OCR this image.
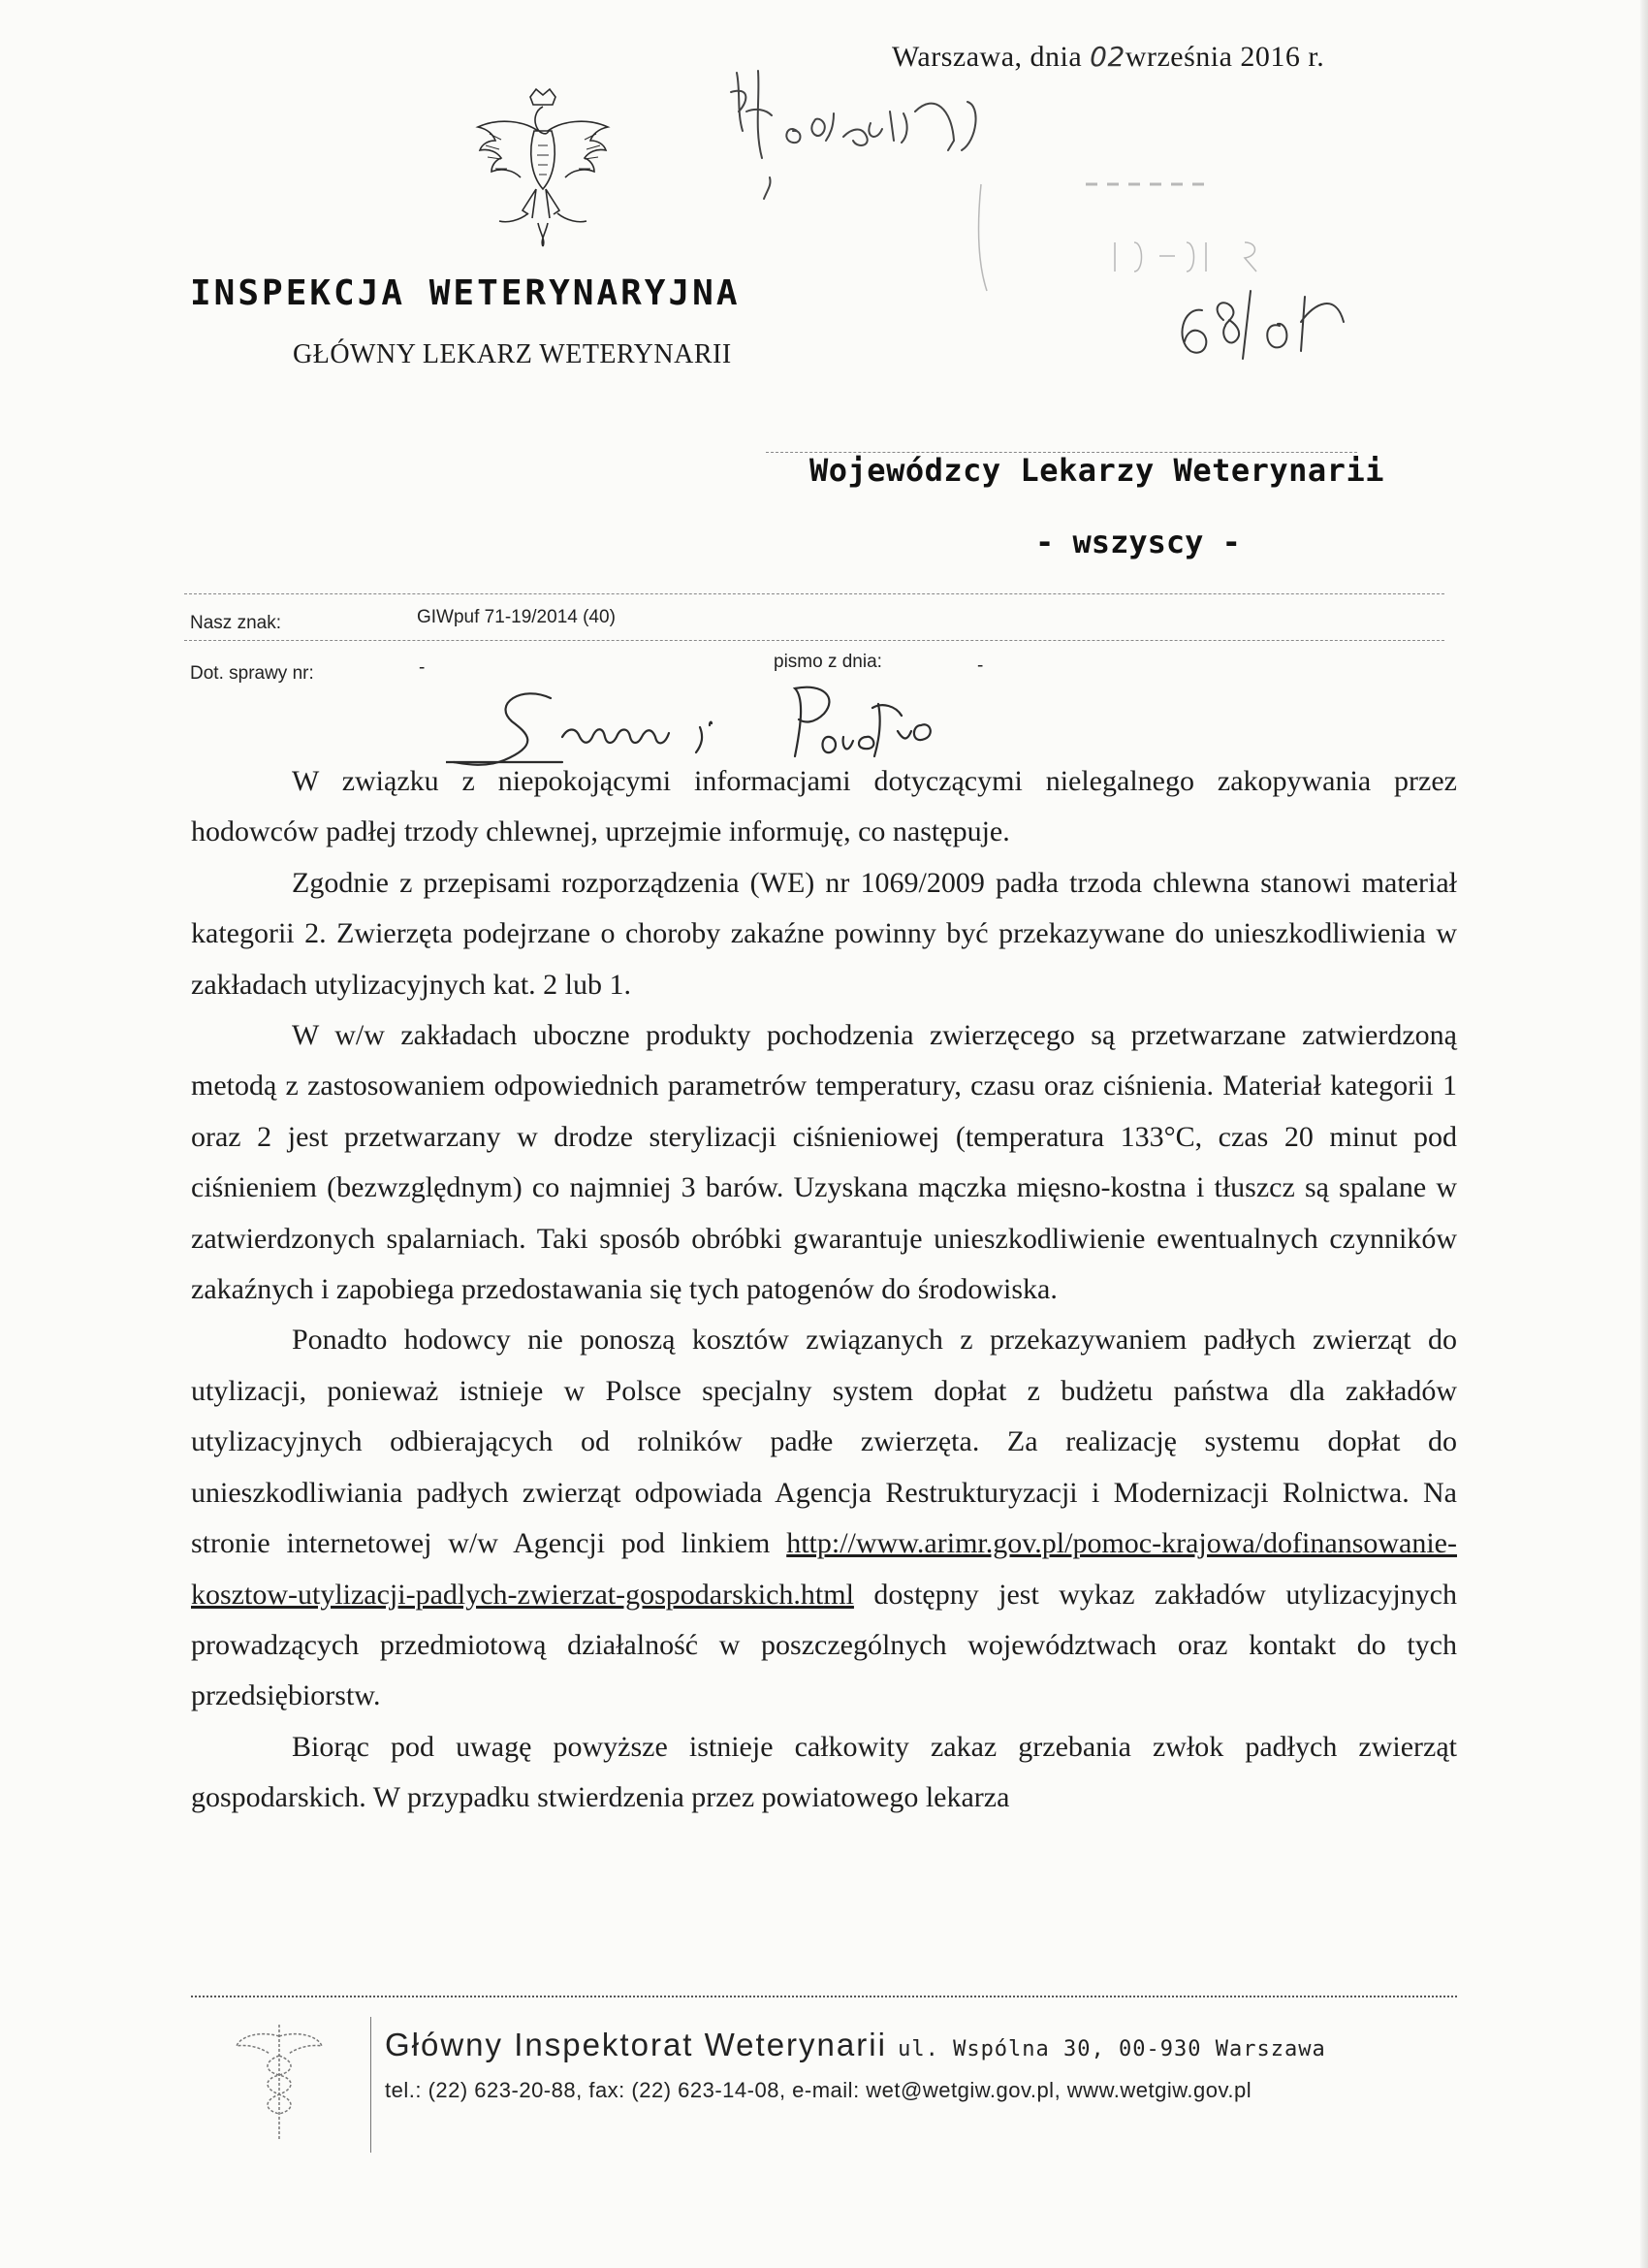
Warszawa, dnia 02września 2016 r.
INSPEKCJA WETERYNARYJNA
GŁÓWNY LEKARZ WETERYNARII
Wojewódzcy Lekarzy Weterynarii
- wszyscy -
Nasz znak:	GIWpuf 71-19/2014 (40)
Dot. sprawy nr:	-	pismo z dnia:	-

W związku z niepokojącymi informacjami dotyczącymi nielegalnego zakopywania przez hodowców padłej trzody chlewnej, uprzejmie informuję, co następuje.

Zgodnie z przepisami rozporządzenia (WE) nr 1069/2009 padła trzoda chlewna stanowi materiał kategorii 2. Zwierzęta podejrzane o choroby zakaźne powinny być przekazywane do unieszkodliwienia w zakładach utylizacyjnych kat. 2 lub 1.

W w/w zakładach uboczne produkty pochodzenia zwierzęcego są przetwarzane zatwierdzoną metodą z zastosowaniem odpowiednich parametrów temperatury, czasu oraz ciśnienia. Materiał kategorii 1 oraz 2 jest przetwarzany w drodze sterylizacji ciśnieniowej (temperatura 133°C, czas 20 minut pod ciśnieniem (bezwzględnym) co najmniej 3 barów. Uzyskana mączka mięsno-kostna i tłuszcz są spalane w zatwierdzonych spalarniach. Taki sposób obróbki gwarantuje unieszkodliwienie ewentualnych czynników zakaźnych i zapobiega przedostawania się tych patogenów do środowiska.

Ponadto hodowcy nie ponoszą kosztów związanych z przekazywaniem padłych zwierząt do utylizacji, ponieważ istnieje w Polsce specjalny system dopłat z budżetu państwa dla zakładów utylizacyjnych odbierających od rolników padłe zwierzęta. Za realizację systemu dopłat do unieszkodliwiania padłych zwierząt odpowiada Agencja Restrukturyzacji i Modernizacji Rolnictwa. Na stronie internetowej w/w Agencji pod linkiem http://www.arimr.gov.pl/pomoc-krajowa/dofinansowanie-kosztow-utylizacji-padlych-zwierzat-gospodarskich.html dostępny jest wykaz zakładów utylizacyjnych prowadzących przedmiotową działalność w poszczególnych województwach oraz kontakt do tych przedsiębiorstw.

Biorąc pod uwagę powyższe istnieje całkowity zakaz grzebania zwłok padłych zwierząt gospodarskich. W przypadku stwierdzenia przez powiatowego lekarza

Główny Inspektorat Weterynarii ul. Wspólna 30, 00-930 Warszawa
tel.: (22) 623-20-88, fax: (22) 623-14-08, e-mail: wet@wetgiw.gov.pl, www.wetgiw.gov.pl
